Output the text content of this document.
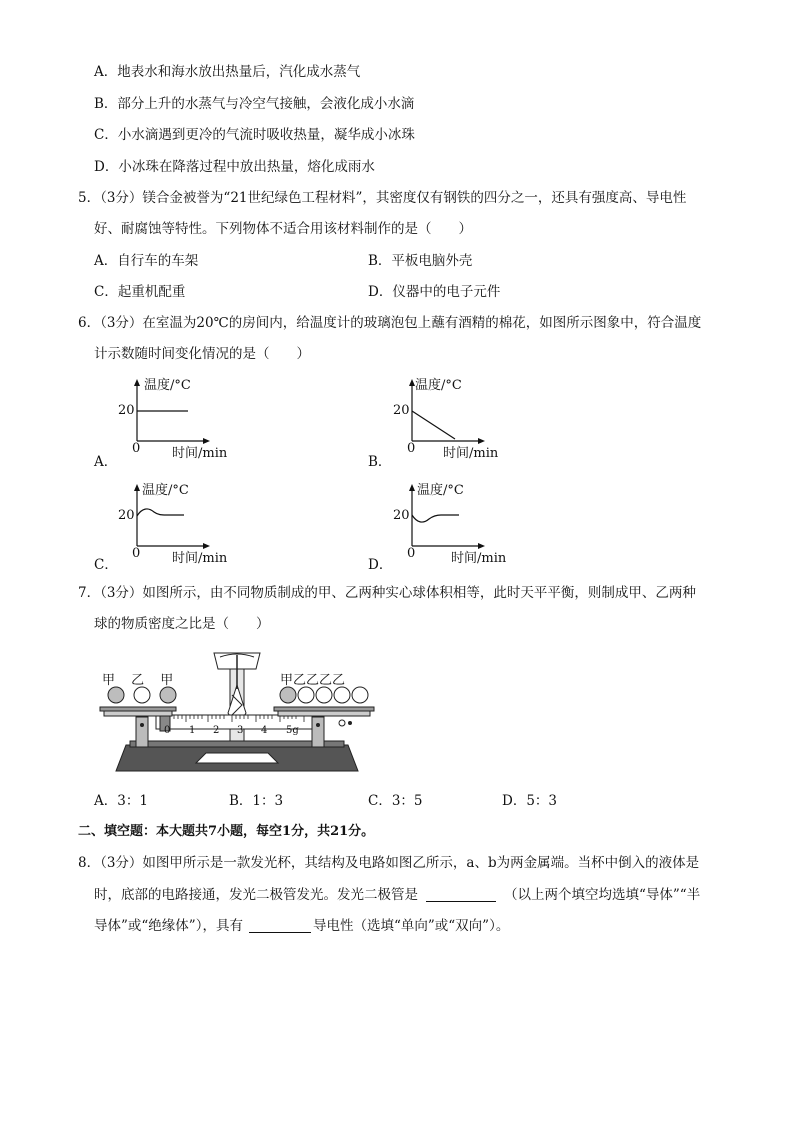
A．地表水和海水放出热量后，汽化成水蒸气
B．部分上升的水蒸气与冷空气接触，会液化成小水滴
C．小水滴遇到更冷的气流时吸收热量，凝华成小冰珠
D．小冰珠在降落过程中放出热量，熔化成雨水
5．（3分）镁合金被誉为“21世纪绿色工程材料”，其密度仅有钢铁的四分之一，还具有强度高、导电性
好、耐腐蚀等特性。下列物体不适合用该材料制作的是（　　）
A．自行车的车架	B．平板电脑外壳
C．起重机配重	D．仪器中的电子元件
6．（3分）在室温为20℃的房间内，给温度计的玻璃泡包上蘸有酒精的棉花，如图所示图象中，符合温度
计示数随时间变化情况的是（　　）
温度/°C
20
0 时间/min
A．
温度/°C
20
0 时间/min
B．
温度/°C
20
0 时间/min
C．
温度/°C
20
0	时间/min
D．
7．（3分）如图所示，由不同物质制成的甲、乙两种实心球体积相等，此时天平平衡，则制成甲、乙两种
球的物质密度之比是（　　）
甲 乙 甲	甲乙乙乙乙
0 1 2 3 4 5g
A．3：1	B．1：3	C．3：5	D．5：3
二、填空题：本大题共7小题，每空1分，共21分。
8．（3分）如图甲所示是一款发光杯，其结构及电路如图乙所示，a、b为两金属端。当杯中倒入的液体是
时，底部的电路接通，发光二极管发光。发光二极管是	（以上两个填空均选填“导体”“半
导体”或“绝缘体”），具有	导电性（选填“单向”或“双向”）。
